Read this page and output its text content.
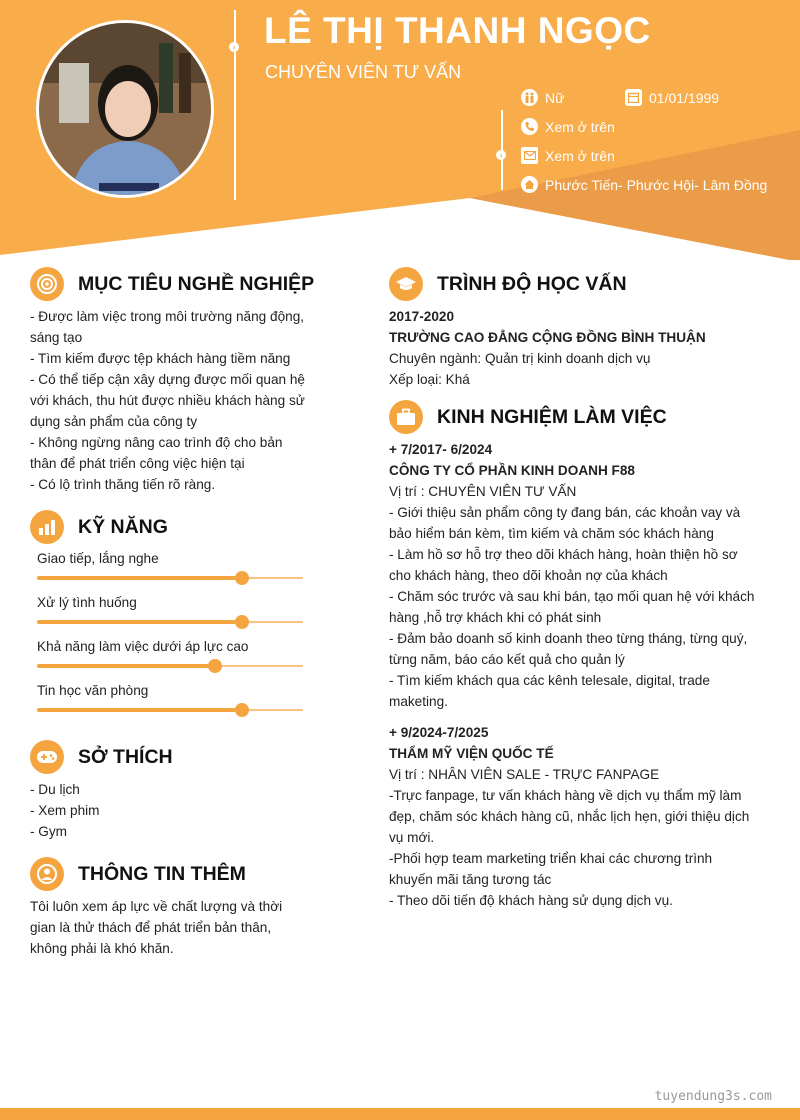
›
›
LÊ THỊ THANH NGỌC
CHUYÊN VIÊN TƯ VẤN
Nữ	01/01/1999
Xem ở trên
Xem ở trên
Phước Tiến- Phước Hội- Lâm Đồng
MỤC TIÊU NGHỀ NGHIỆP
- Được làm việc trong môi trường năng động,
sáng tạo
- Tìm kiếm được tệp khách hàng tiềm năng
- Có thể tiếp cận xây dựng được mối quan hệ
với khách, thu hút được nhiều khách hàng sử
dụng sản phẩm của công ty
- Không ngừng nâng cao trình độ cho bản
thân để phát triển công việc hiện tại
- Có lộ trình thăng tiến rõ ràng.
KỸ NĂNG
Giao tiếp, lắng nghe
Xử lý tình huống
Khả năng làm việc dưới áp lực cao
Tin học văn phòng
SỞ THÍCH
- Du lịch
- Xem phim
- Gym
THÔNG TIN THÊM
Tôi luôn xem áp lực về chất lượng và thời
gian là thử thách để phát triển bản thân,
không phải là khó khăn.
TRÌNH ĐỘ HỌC VẤN
2017-2020
TRƯỜNG CAO ĐẲNG CỘNG ĐỒNG BÌNH THUẬN
Chuyên ngành: Quản trị kinh doanh dịch vụ
Xếp loại: Khá
KINH NGHIỆM LÀM VIỆC
+ 7/2017- 6/2024
CÔNG TY CỔ PHẦN KINH DOANH F88
Vị trí : CHUYÊN VIÊN TƯ VẤN
- Giới thiệu sản phẩm công ty đang bán, các khoản vay và
bảo hiểm bán kèm, tìm kiếm và chăm sóc khách hàng
- Làm hồ sơ hỗ trợ theo dõi khách hàng, hoàn thiện hồ sơ
cho khách hàng, theo dõi khoản nợ của khách
- Chăm sóc trước và sau khi bán, tạo mối quan hệ với khách
hàng ,hỗ trợ khách khi có phát sinh
- Đảm bảo doanh số kinh doanh theo từng tháng, từng quý,
từng năm, báo cáo kết quả cho quản lý
- Tìm kiếm khách qua các kênh telesale, digital, trade
maketing.
+ 9/2024-7/2025
THẨM MỸ VIỆN QUỐC TẾ
Vị trí : NHÂN VIÊN SALE - TRỰC FANPAGE
-Trực fanpage, tư vấn khách hàng về dịch vụ thẩm mỹ làm
đẹp, chăm sóc khách hàng cũ, nhắc lịch hẹn, giới thiệu dịch
vụ mới.
-Phối hợp team marketing triển khai các chương trình
khuyến mãi tăng tương tác
- Theo dõi tiến độ khách hàng sử dụng dịch vụ.
tuyendung3s.com
